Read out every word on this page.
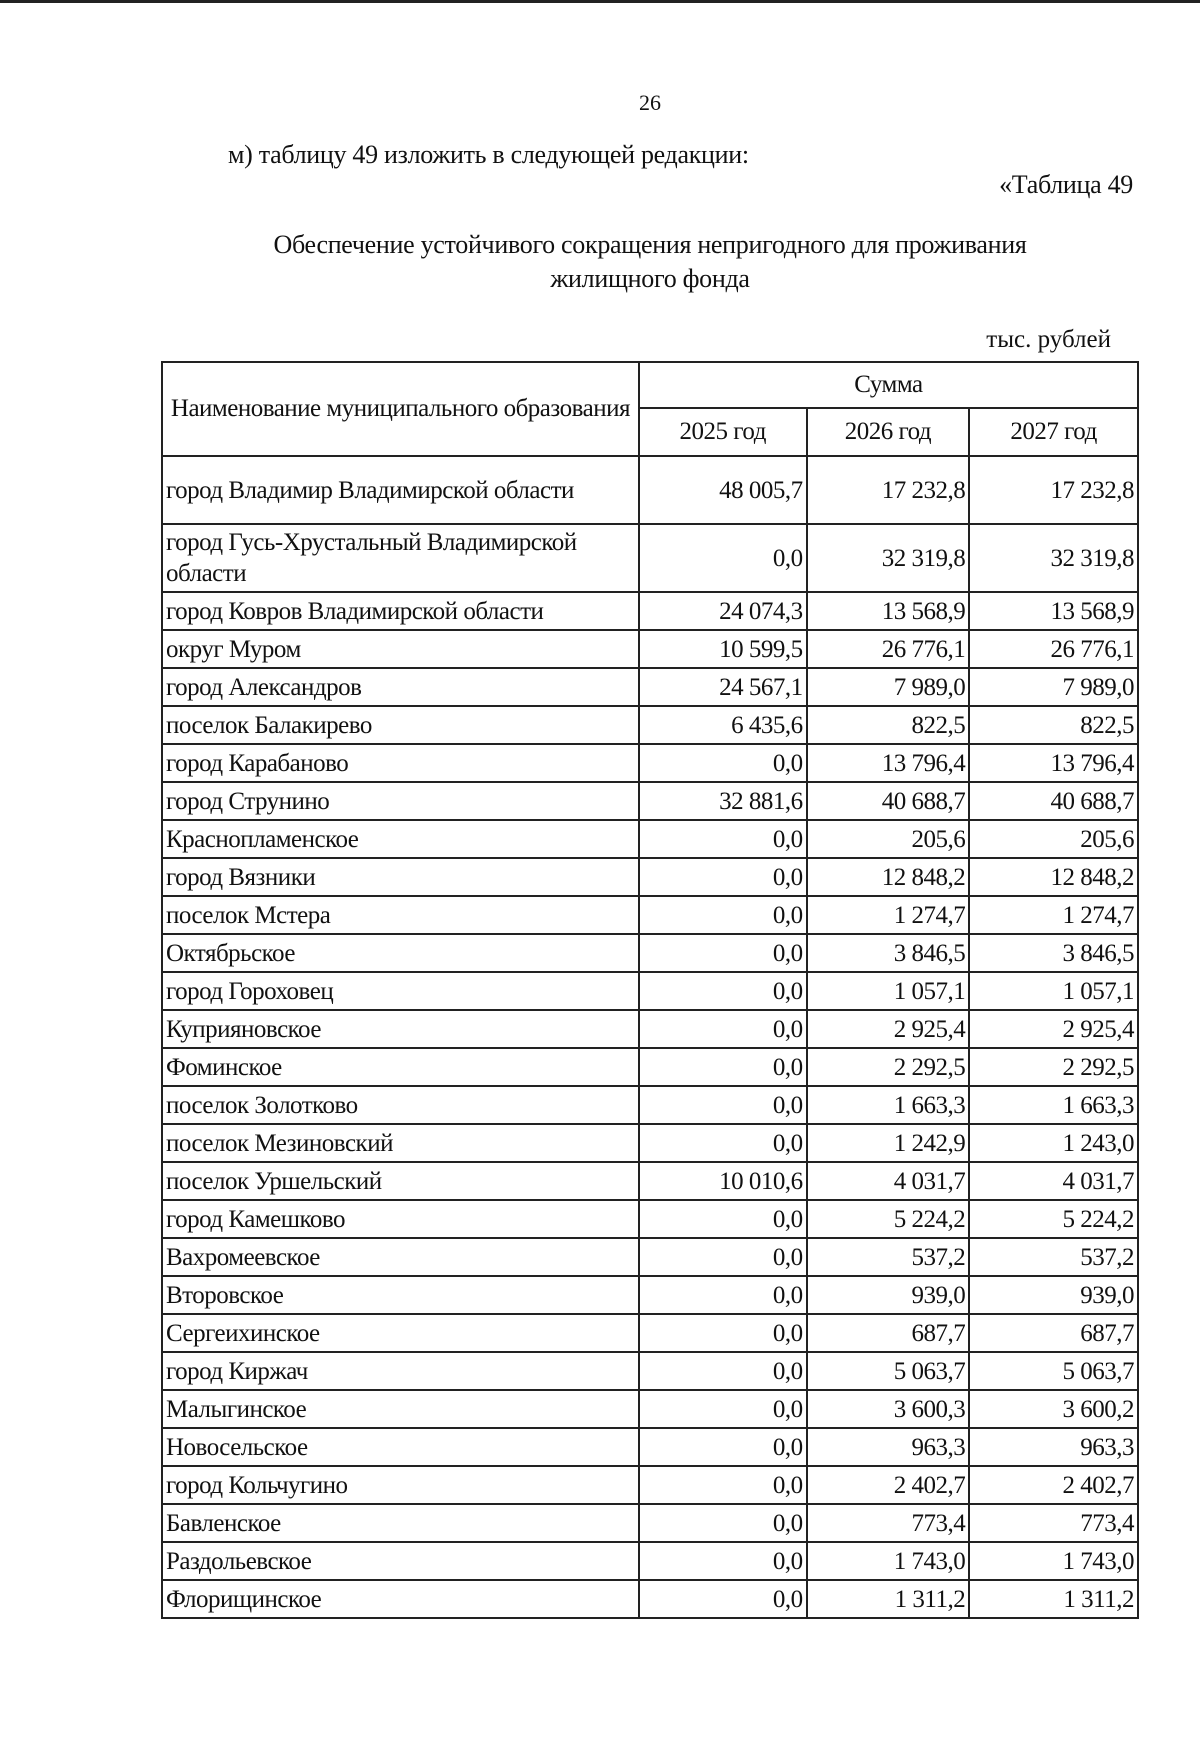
26
м) таблицу 49 изложить в следующей редакции:
«Таблица 49
Обеспечение устойчивого сокращения непригодного для проживания
жилищного фонда
тыс. рублей
Наименование муниципального образования	Сумма		
	2025 год	2026 год	2027 год
город Владимир Владимирской области	48 005,7	17 232,8	17 232,8
город Гусь-Хрустальный Владимирской области	0,0	32 319,8	32 319,8
город Ковров Владимирской области	24 074,3	13 568,9	13 568,9
округ Муром	10 599,5	26 776,1	26 776,1
город Александров	24 567,1	7 989,0	7 989,0
поселок Балакирево	6 435,6	822,5	822,5
город Карабаново	0,0	13 796,4	13 796,4
город Струнино	32 881,6	40 688,7	40 688,7
Краснопламенское	0,0	205,6	205,6
город Вязники	0,0	12 848,2	12 848,2
поселок Мстера	0,0	1 274,7	1 274,7
Октябрьское	0,0	3 846,5	3 846,5
город Гороховец	0,0	1 057,1	1 057,1
Куприяновское	0,0	2 925,4	2 925,4
Фоминское	0,0	2 292,5	2 292,5
поселок Золотково	0,0	1 663,3	1 663,3
поселок Мезиновский	0,0	1 242,9	1 243,0
поселок Уршельский	10 010,6	4 031,7	4 031,7
город Камешково	0,0	5 224,2	5 224,2
Вахромеевское	0,0	537,2	537,2
Второвское	0,0	939,0	939,0
Сергеихинское	0,0	687,7	687,7
город Киржач	0,0	5 063,7	5 063,7
Малыгинское	0,0	3 600,3	3 600,2
Новосельское	0,0	963,3	963,3
город Кольчугино	0,0	2 402,7	2 402,7
Бавленское	0,0	773,4	773,4
Раздольевское	0,0	1 743,0	1 743,0
Флорищинское	0,0	1 311,2	1 311,2
